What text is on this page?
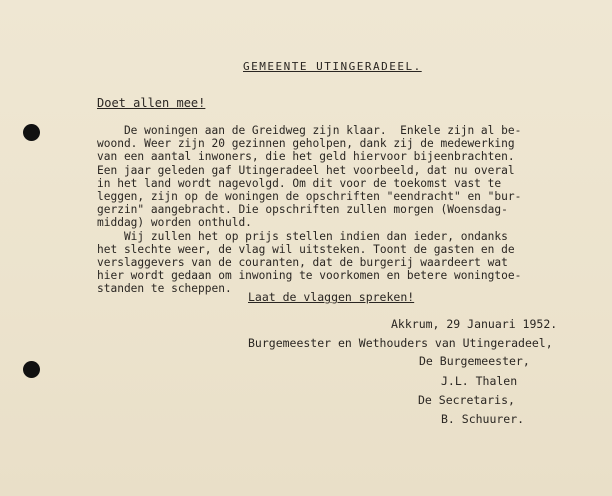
GEMEENTE UTINGERADEEL.
Doet allen mee!
De woningen aan de Greidweg zijn klaar.  Enkele zijn al be-
woond. Weer zijn 20 gezinnen geholpen, dank zij de medewerking
van een aantal inwoners, die het geld hiervoor bijeenbrachten.
Een jaar geleden gaf Utingeradeel het voorbeeld, dat nu overal
in het land wordt nagevolgd. Om dit voor de toekomst vast te
leggen, zijn op de woningen de opschriften "eendracht" en "bur-
gerzin" aangebracht. Die opschriften zullen morgen (Woensdag-
middag) worden onthuld.
Wij zullen het op prijs stellen indien dan ieder, ondanks
het slechte weer, de vlag wil uitsteken. Toont de gasten en de
verslaggevers van de couranten, dat de burgerij waardeert wat
hier wordt gedaan om inwoning te voorkomen en betere woningtoe-
standen te scheppen.
Laat de vlaggen spreken!
Akkrum, 29 Januari 1952.
Burgemeester en Wethouders van Utingeradeel,
De Burgemeester,
J.L. Thalen
De Secretaris,
B. Schuurer.
